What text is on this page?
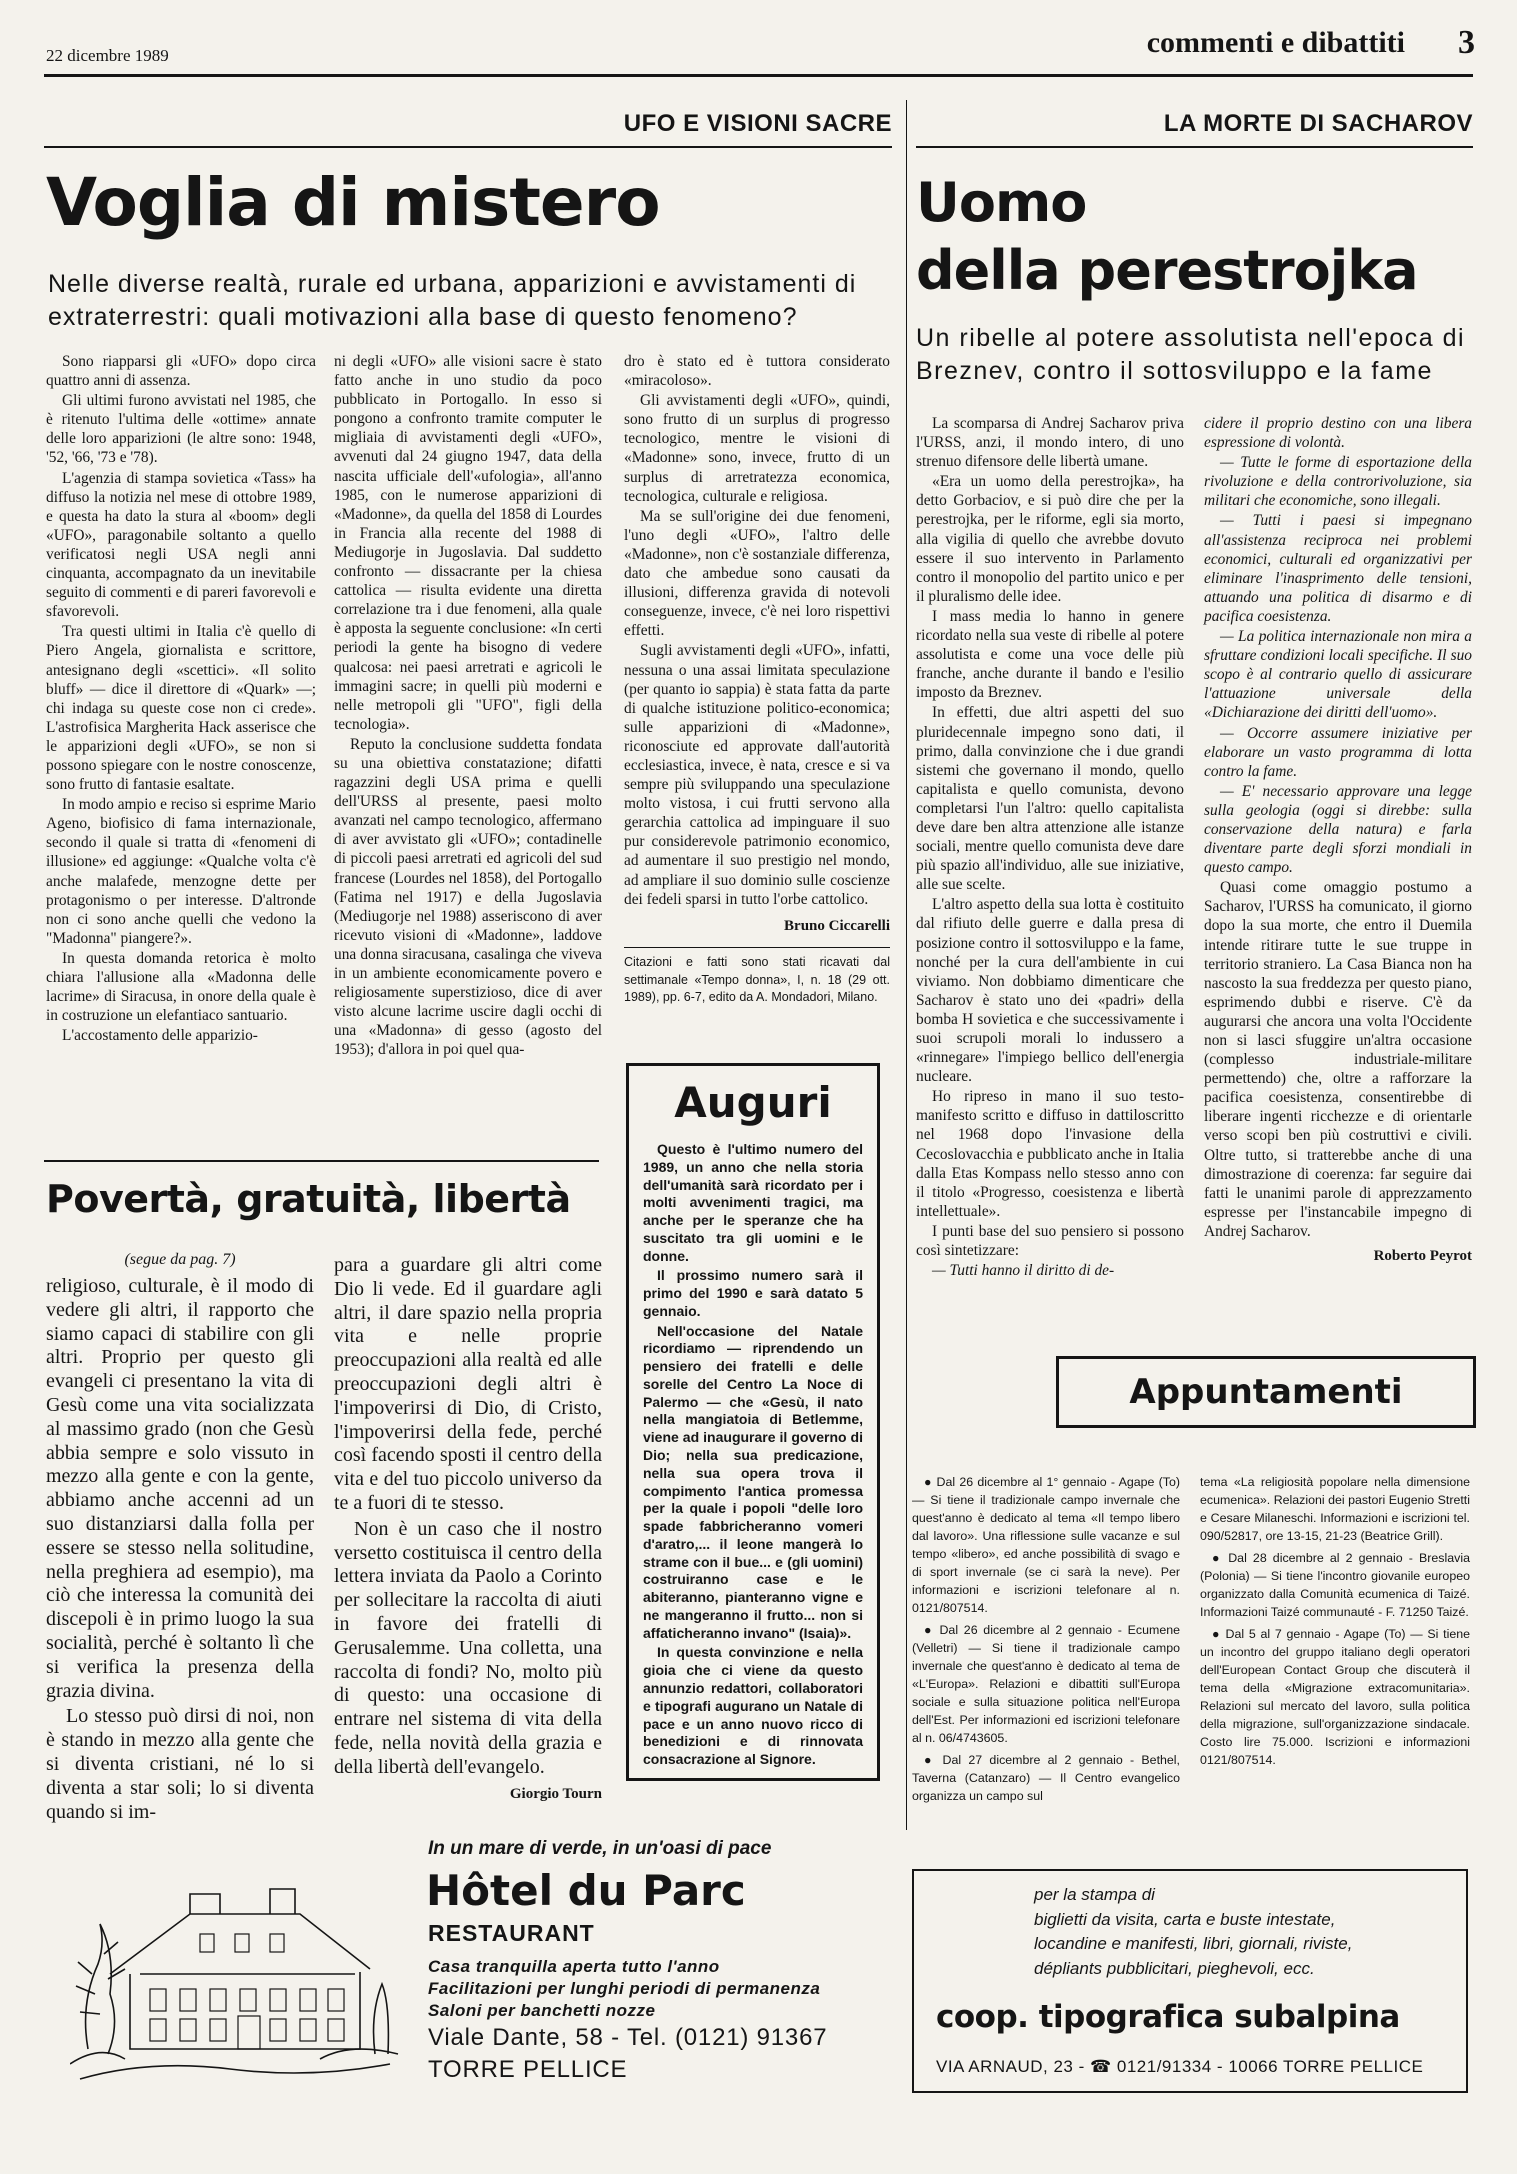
22 dicembre 1989	commenti e dibattiti 3
UFO E VISIONI SACRE
Voglia di mistero
Nelle diverse realtà, rurale ed urbana, apparizioni e avvistamenti di extraterrestri: quali motivazioni alla base di questo fenomeno?

Sono riapparsi gli «UFO» dopo circa quattro anni di assenza.

Gli ultimi furono avvistati nel 1985, che è ritenuto l'ultima delle «ottime» annate delle loro apparizioni (le altre sono: 1948, '52, '66, '73 e '78).

L'agenzia di stampa sovietica «Tass» ha diffuso la notizia nel mese di ottobre 1989, e questa ha dato la stura al «boom» degli «UFO», paragonabile soltanto a quello verificatosi negli USA negli anni cinquanta, accompagnato da un inevitabile seguito di commenti e di pareri favorevoli e sfavorevoli.

Tra questi ultimi in Italia c'è quello di Piero Angela, giornalista e scrittore, antesignano degli «scettici». «Il solito bluff» — dice il direttore di «Quark» —; chi indaga su queste cose non ci crede». L'astrofisica Margherita Hack asserisce che le apparizioni degli «UFO», se non si possono spiegare con le nostre conoscenze, sono frutto di fantasie esaltate.

In modo ampio e reciso si esprime Mario Ageno, biofisico di fama internazionale, secondo il quale si tratta di «fenomeni di illusione» ed aggiunge: «Qualche volta c'è anche malafede, menzogne dette per protagonismo o per interesse. D'altronde non ci sono anche quelli che vedono la "Madonna" piangere?».

In questa domanda retorica è molto chiara l'allusione alla «Madonna delle lacrime» di Siracusa, in onore della quale è in costruzione un elefantiaco santuario.

L'accostamento delle apparizio-

ni degli «UFO» alle visioni sacre è stato fatto anche in uno studio da poco pubblicato in Portogallo. In esso si pongono a confronto tramite computer le migliaia di avvistamenti degli «UFO», avvenuti dal 24 giugno 1947, data della nascita ufficiale dell'«ufologia», all'anno 1985, con le numerose apparizioni di «Madonne», da quella del 1858 di Lourdes in Francia alla recente del 1988 di Mediugorje in Jugoslavia. Dal suddetto confronto — dissacrante per la chiesa cattolica — risulta evidente una diretta correlazione tra i due fenomeni, alla quale è apposta la seguente conclusione: «In certi periodi la gente ha bisogno di vedere qualcosa: nei paesi arretrati e agricoli le immagini sacre; in quelli più moderni e nelle metropoli gli "UFO", figli della tecnologia».

Reputo la conclusione suddetta fondata su una obiettiva constatazione; difatti ragazzini degli USA prima e quelli dell'URSS al presente, paesi molto avanzati nel campo tecnologico, affermano di aver avvistato gli «UFO»; contadinelle di piccoli paesi arretrati ed agricoli del sud francese (Lourdes nel 1858), del Portogallo (Fatima nel 1917) e della Jugoslavia (Mediugorje nel 1988) asseriscono di aver ricevuto visioni di «Madonne», laddove una donna siracusana, casalinga che viveva in un ambiente economicamente povero e religiosamente superstizioso, dice di aver visto alcune lacrime uscire dagli occhi di una «Madonna» di gesso (agosto del 1953); d'allora in poi quel qua-

dro è stato ed è tuttora considerato «miracoloso».

Gli avvistamenti degli «UFO», quindi, sono frutto di un surplus di progresso tecnologico, mentre le visioni di «Madonne» sono, invece, frutto di un surplus di arretratezza economica, tecnologica, culturale e religiosa.

Ma se sull'origine dei due fenomeni, l'uno degli «UFO», l'altro delle «Madonne», non c'è sostanziale differenza, dato che ambedue sono causati da illusioni, differenza gravida di notevoli conseguenze, invece, c'è nei loro rispettivi effetti.

Sugli avvistamenti degli «UFO», infatti, nessuna o una assai limitata speculazione (per quanto io sappia) è stata fatta da parte di qualche istituzione politico-economica; sulle apparizioni di «Madonne», riconosciute ed approvate dall'autorità ecclesiastica, invece, è nata, cresce e si va sempre più sviluppando una speculazione molto vistosa, i cui frutti servono alla gerarchia cattolica ad impinguare il suo pur considerevole patrimonio economico, ad aumentare il suo prestigio nel mondo, ad ampliare il suo dominio sulle coscienze dei fedeli sparsi in tutto l'orbe cattolico.

Bruno Ciccarelli
Citazioni e fatti sono stati ricavati dal settimanale «Tempo donna», I, n. 18 (29 ott. 1989), pp. 6-7, edito da A. Mondadori, Milano.
Povertà, gratuità, libertà
(segue da pag. 7)

religioso, culturale, è il modo di vedere gli altri, il rapporto che siamo capaci di stabilire con gli altri. Proprio per questo gli evangeli ci presentano la vita di Gesù come una vita socializzata al massimo grado (non che Gesù abbia sempre e solo vissuto in mezzo alla gente e con la gente, abbiamo anche accenni ad un suo distanziarsi dalla folla per essere se stesso nella solitudine, nella preghiera ad esempio), ma ciò che interessa la comunità dei discepoli è in primo luogo la sua socialità, perché è soltanto lì che si verifica la presenza della grazia divina.

Lo stesso può dirsi di noi, non è stando in mezzo alla gente che si diventa cristiani, né lo si diventa a star soli; lo si diventa quando si im-

para a guardare gli altri come Dio li vede. Ed il guardare agli altri, il dare spazio nella propria vita e nelle proprie preoccupazioni alla realtà ed alle preoccupazioni degli altri è l'impoverirsi di Dio, di Cristo, l'impoverirsi della fede, perché così facendo sposti il centro della vita e del tuo piccolo universo da te a fuori di te stesso.

Non è un caso che il nostro versetto costituisca il centro della lettera inviata da Paolo a Corinto per sollecitare la raccolta di aiuti in favore dei fratelli di Gerusalemme. Una colletta, una raccolta di fondi? No, molto più di questo: una occasione di entrare nel sistema di vita della fede, nella novità della grazia e della libertà dell'evangelo.

Giorgio Tourn
Auguri

Questo è l'ultimo numero del 1989, un anno che nella storia dell'umanità sarà ricordato per i molti avvenimenti tragici, ma anche per le speranze che ha suscitato tra gli uomini e le donne.

Il prossimo numero sarà il primo del 1990 e sarà datato 5 gennaio.

Nell'occasione del Natale ricordiamo — riprendendo un pensiero dei fratelli e delle sorelle del Centro La Noce di Palermo — che «Gesù, il nato nella mangiatoia di Betlemme, viene ad inaugurare il governo di Dio; nella sua predicazione, nella sua opera trova il compimento l'antica promessa per la quale i popoli "delle loro spade fabbricheranno vomeri d'aratro,... il leone mangerà lo strame con il bue... e (gli uomini) costruiranno case e le abiteranno, pianteranno vigne e ne mangeranno il frutto... non si affaticheranno invano" (Isaia)».

In questa convinzione e nella gioia che ci viene da questo annunzio redattori, collaboratori e tipografi augurano un Natale di pace e un anno nuovo ricco di benedizioni e di rinnovata consacrazione al Signore.

LA MORTE DI SACHAROV
Uomo
della perestrojka
Un ribelle al potere assolutista nell'epoca di Breznev, contro il sottosviluppo e la fame

La scomparsa di Andrej Sacharov priva l'URSS, anzi, il mondo intero, di uno strenuo difensore delle libertà umane.

«Era un uomo della perestrojka», ha detto Gorbaciov, e si può dire che per la perestrojka, per le riforme, egli sia morto, alla vigilia di quello che avrebbe dovuto essere il suo intervento in Parlamento contro il monopolio del partito unico e per il pluralismo delle idee.

I mass media lo hanno in genere ricordato nella sua veste di ribelle al potere assolutista e come una voce delle più franche, anche durante il bando e l'esilio imposto da Breznev.

In effetti, due altri aspetti del suo pluridecennale impegno sono dati, il primo, dalla convinzione che i due grandi sistemi che governano il mondo, quello capitalista e quello comunista, devono completarsi l'un l'altro: quello capitalista deve dare ben altra attenzione alle istanze sociali, mentre quello comunista deve dare più spazio all'individuo, alle sue iniziative, alle sue scelte.

L'altro aspetto della sua lotta è costituito dal rifiuto delle guerre e dalla presa di posizione contro il sottosviluppo e la fame, nonché per la cura dell'ambiente in cui viviamo. Non dobbiamo dimenticare che Sacharov è stato uno dei «padri» della bomba H sovietica e che successivamente i suoi scrupoli morali lo indussero a «rinnegare» l'impiego bellico dell'energia nucleare.

Ho ripreso in mano il suo testo-manifesto scritto e diffuso in dattiloscritto nel 1968 dopo l'invasione della Cecoslovacchia e pubblicato anche in Italia dalla Etas Kompass nello stesso anno con il titolo «Progresso, coesistenza e libertà intellettuale».

I punti base del suo pensiero si possono così sintetizzare:

— Tutti hanno il diritto di de-

cidere il proprio destino con una libera espressione di volontà.

— Tutte le forme di esportazione della rivoluzione e della controrivoluzione, sia militari che economiche, sono illegali.

— Tutti i paesi si impegnano all'assistenza reciproca nei problemi economici, culturali ed organizzativi per eliminare l'inasprimento delle tensioni, attuando una politica di disarmo e di pacifica coesistenza.

— La politica internazionale non mira a sfruttare condizioni locali specifiche. Il suo scopo è al contrario quello di assicurare l'attuazione universale della «Dichiarazione dei diritti dell'uomo».

— Occorre assumere iniziative per elaborare un vasto programma di lotta contro la fame.

— E' necessario approvare una legge sulla geologia (oggi si direbbe: sulla conservazione della natura) e farla diventare parte degli sforzi mondiali in questo campo.

Quasi come omaggio postumo a Sacharov, l'URSS ha comunicato, il giorno dopo la sua morte, che entro il Duemila intende ritirare tutte le sue truppe in territorio straniero. La Casa Bianca non ha nascosto la sua freddezza per questo piano, esprimendo dubbi e riserve. C'è da augurarsi che ancora una volta l'Occidente non si lasci sfuggire un'altra occasione (complesso industriale-militare permettendo) che, oltre a rafforzare la pacifica coesistenza, consentirebbe di liberare ingenti ricchezze e di orientarle verso scopi ben più costruttivi e civili. Oltre tutto, si tratterebbe anche di una dimostrazione di coerenza: far seguire dai fatti le unanimi parole di apprezzamento espresse per l'instancabile impegno di Andrej Sacharov.

Roberto Peyrot
Appuntamenti

● Dal 26 dicembre al 1° gennaio - Agape (To) — Si tiene il tradizionale campo invernale che quest'anno è dedicato al tema «Il tempo libero dal lavoro». Una riflessione sulle vacanze e sul tempo «libero», ed anche possibilità di svago e di sport invernale (se ci sarà la neve). Per informazioni e iscrizioni telefonare al n. 0121/807514.

● Dal 26 dicembre al 2 gennaio - Ecumene (Velletri) — Si tiene il tradizionale campo invernale che quest'anno è dedicato al tema de «L'Europa». Relazioni e dibattiti sull'Europa sociale e sulla situazione politica nell'Europa dell'Est. Per informazioni ed iscrizioni telefonare al n. 06/4743605.

● Dal 27 dicembre al 2 gennaio - Bethel, Taverna (Catanzaro) — Il Centro evangelico organizza un campo sul

tema «La religiosità popolare nella dimensione ecumenica». Relazioni dei pastori Eugenio Stretti e Cesare Milaneschi. Informazioni e iscrizioni tel. 090/52817, ore 13-15, 21-23 (Beatrice Grill).

● Dal 28 dicembre al 2 gennaio - Breslavia (Polonia) — Si tiene l'incontro giovanile europeo organizzato dalla Comunità ecumenica di Taizé. Informazioni Taizé communauté - F. 71250 Taizé.

● Dal 5 al 7 gennaio - Agape (To) — Si tiene un incontro del gruppo italiano degli operatori dell'European Contact Group che discuterà il tema della «Migrazione extracomunitaria». Relazioni sul mercato del lavoro, sulla politica della migrazione, sull'organizzazione sindacale. Costo lire 75.000. Iscrizioni e informazioni 0121/807514.

In un mare di verde, in un'oasi di pace
Hôtel du Parc
RESTAURANT
Casa tranquilla aperta tutto l'anno
Facilitazioni per lunghi periodi di permanenza
Saloni per banchetti nozze
Viale Dante, 58 - Tel. (0121) 91367
TORRE PELLICE
per la stampa di
biglietti da visita, carta e buste intestate,
locandine e manifesti, libri, giornali, riviste,
dépliants pubblicitari, pieghevoli, ecc.
coop. tipografica subalpina
VIA ARNAUD, 23 - ☎ 0121/91334 - 10066 TORRE PELLICE
